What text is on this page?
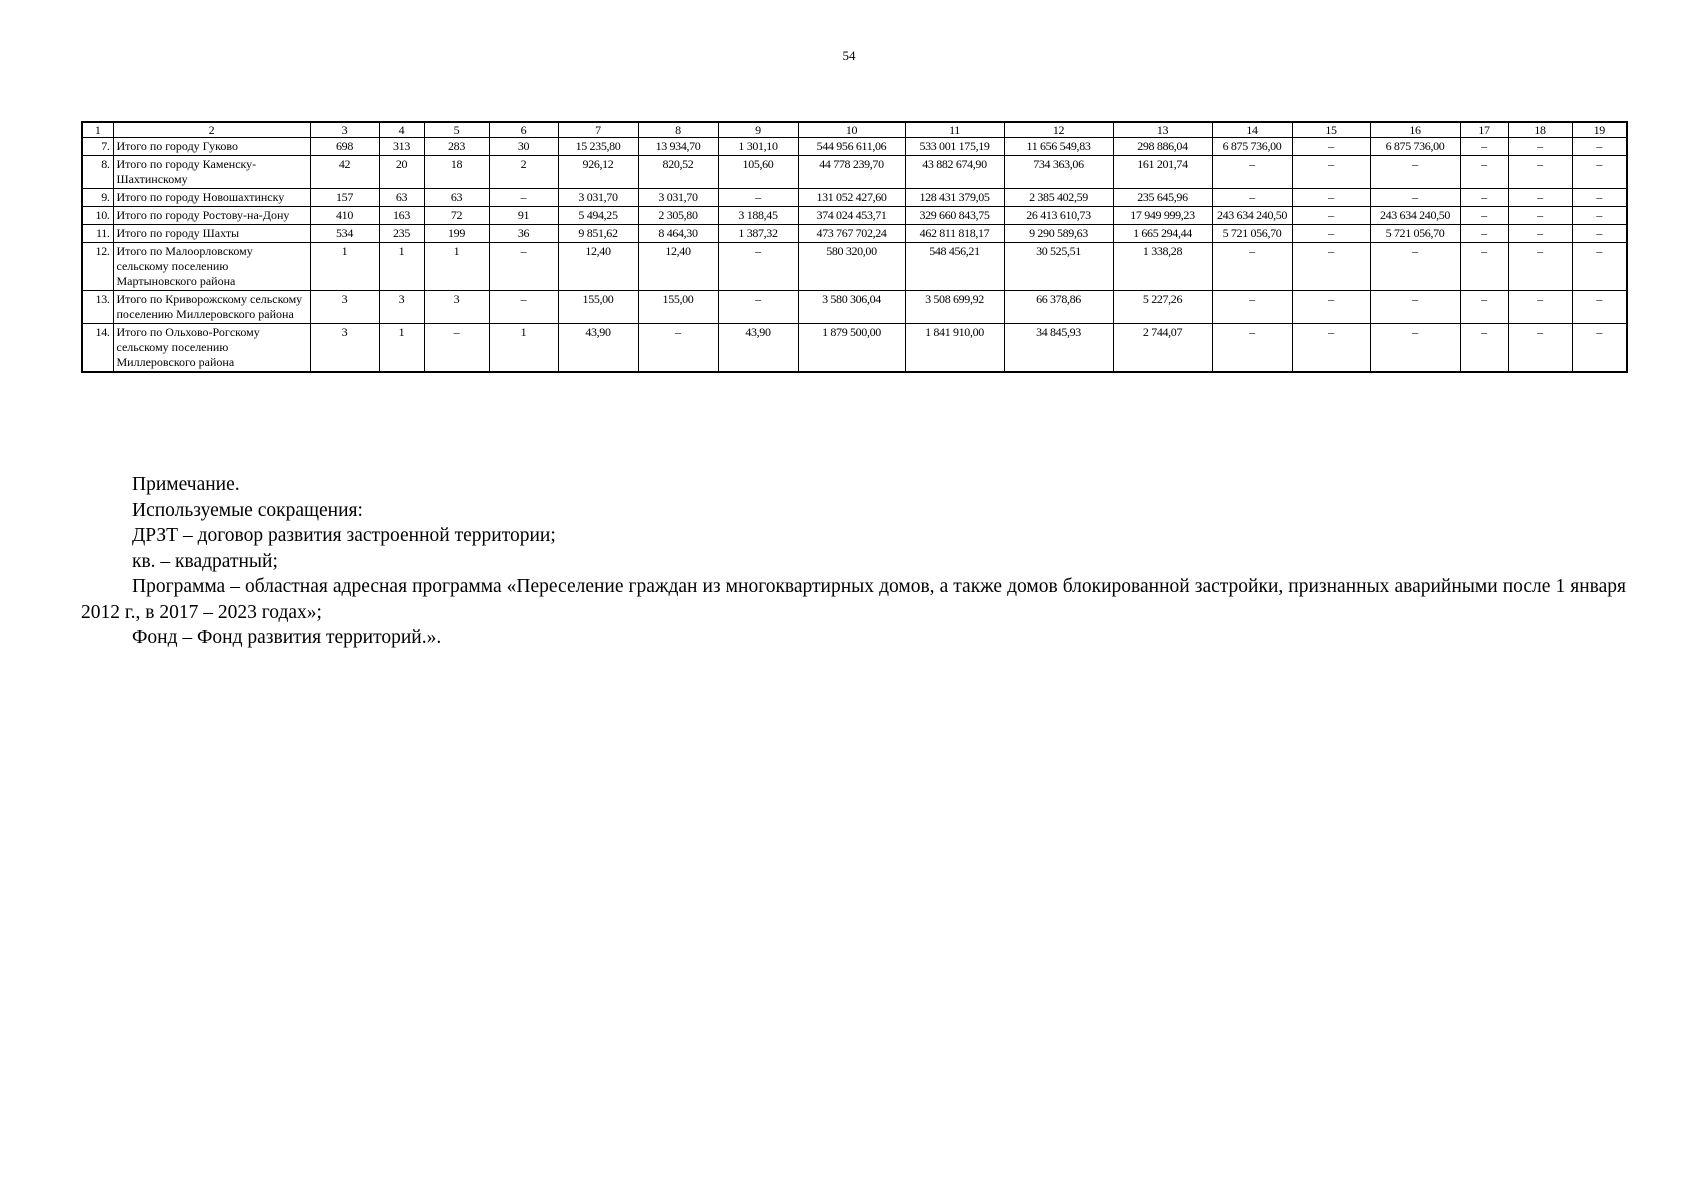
54
1	2	3	4	5	6	7	8	9	10	11	12	13	14	15	16	17	18	19
7.	Итого по городу Гуково	698	313	283	30	15 235,80	13 934,70	1 301,10	544 956 611,06	533 001 175,19	11 656 549,83	298 886,04	6 875 736,00	–	6 875 736,00	–	–	–
8.	Итого по городу Каменску-Шахтинскому	42	20	18	2	926,12	820,52	105,60	44 778 239,70	43 882 674,90	734 363,06	161 201,74	–	–	–	–	–	–
9.	Итого по городу Новошахтинску	157	63	63	–	3 031,70	3 031,70	–	131 052 427,60	128 431 379,05	2 385 402,59	235 645,96	–	–	–	–	–	–
10.	Итого по городу Ростову-на-Дону	410	163	72	91	5 494,25	2 305,80	3 188,45	374 024 453,71	329 660 843,75	26 413 610,73	17 949 999,23	243 634 240,50	–	243 634 240,50	–	–	–
11.	Итого по городу Шахты	534	235	199	36	9 851,62	8 464,30	1 387,32	473 767 702,24	462 811 818,17	9 290 589,63	1 665 294,44	5 721 056,70	–	5 721 056,70	–	–	–
12.	Итого по Малоорловскому сельскому поселению Мартыновского района	1	1	1	–	12,40	12,40	–	580 320,00	548 456,21	30 525,51	1 338,28	–	–	–	–	–	–
13.	Итого по Криворожскому сельскому поселению Миллеровского района	3	3	3	–	155,00	155,00	–	3 580 306,04	3 508 699,92	66 378,86	5 227,26	–	–	–	–	–	–
14.	Итого по Ольхово-Рогскому сельскому поселению Миллеровского района	3	1	–	1	43,90	–	43,90	1 879 500,00	1 841 910,00	34 845,93	2 744,07	–	–	–	–	–	–

Примечание.

Используемые сокращения:

ДРЗТ – договор развития застроенной территории;

кв. – квадратный;

Программа – областная адресная программа «Переселение граждан из многоквартирных домов, а также домов блокированной застройки, признанных аварийными после 1 января 2012 г., в 2017 – 2023 годах»;

Фонд – Фонд развития территорий.».
